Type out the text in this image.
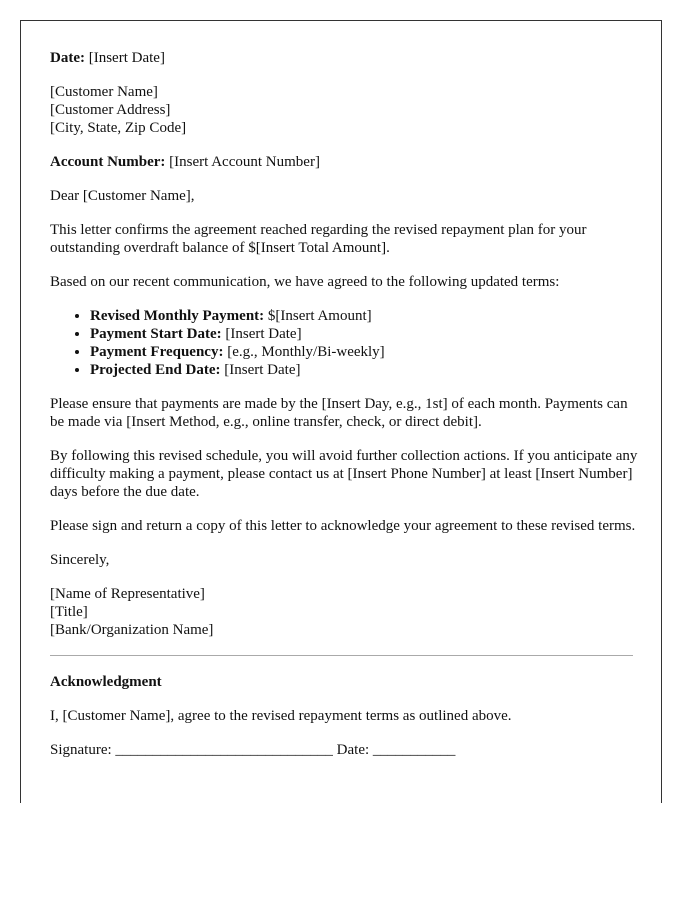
Date: [Insert Date]

[Customer Name]
[Customer Address]
[City, State, Zip Code]

Account Number: [Insert Account Number]

Dear [Customer Name],

This letter confirms the agreement reached regarding the revised repayment plan for your outstanding overdraft balance of $[Insert Total Amount].

Based on our recent communication, we have agreed to the following updated terms:

• Revised Monthly Payment: $[Insert Amount]
• Payment Start Date: [Insert Date]
• Payment Frequency: [e.g., Monthly/Bi-weekly]
• Projected End Date: [Insert Date]

Please ensure that payments are made by the [Insert Day, e.g., 1st] of each month. Payments can be made via [Insert Method, e.g., online transfer, check, or direct debit].

By following this revised schedule, you will avoid further collection actions. If you anticipate any difficulty making a payment, please contact us at [Insert Phone Number] at least [Insert Number] days before the due date.

Please sign and return a copy of this letter to acknowledge your agreement to these revised terms.

Sincerely,

[Name of Representative]
[Title]
[Bank/Organization Name]

Acknowledgment

I, [Customer Name], agree to the revised repayment terms as outlined above.

Signature: _____________________________ Date: ___________
